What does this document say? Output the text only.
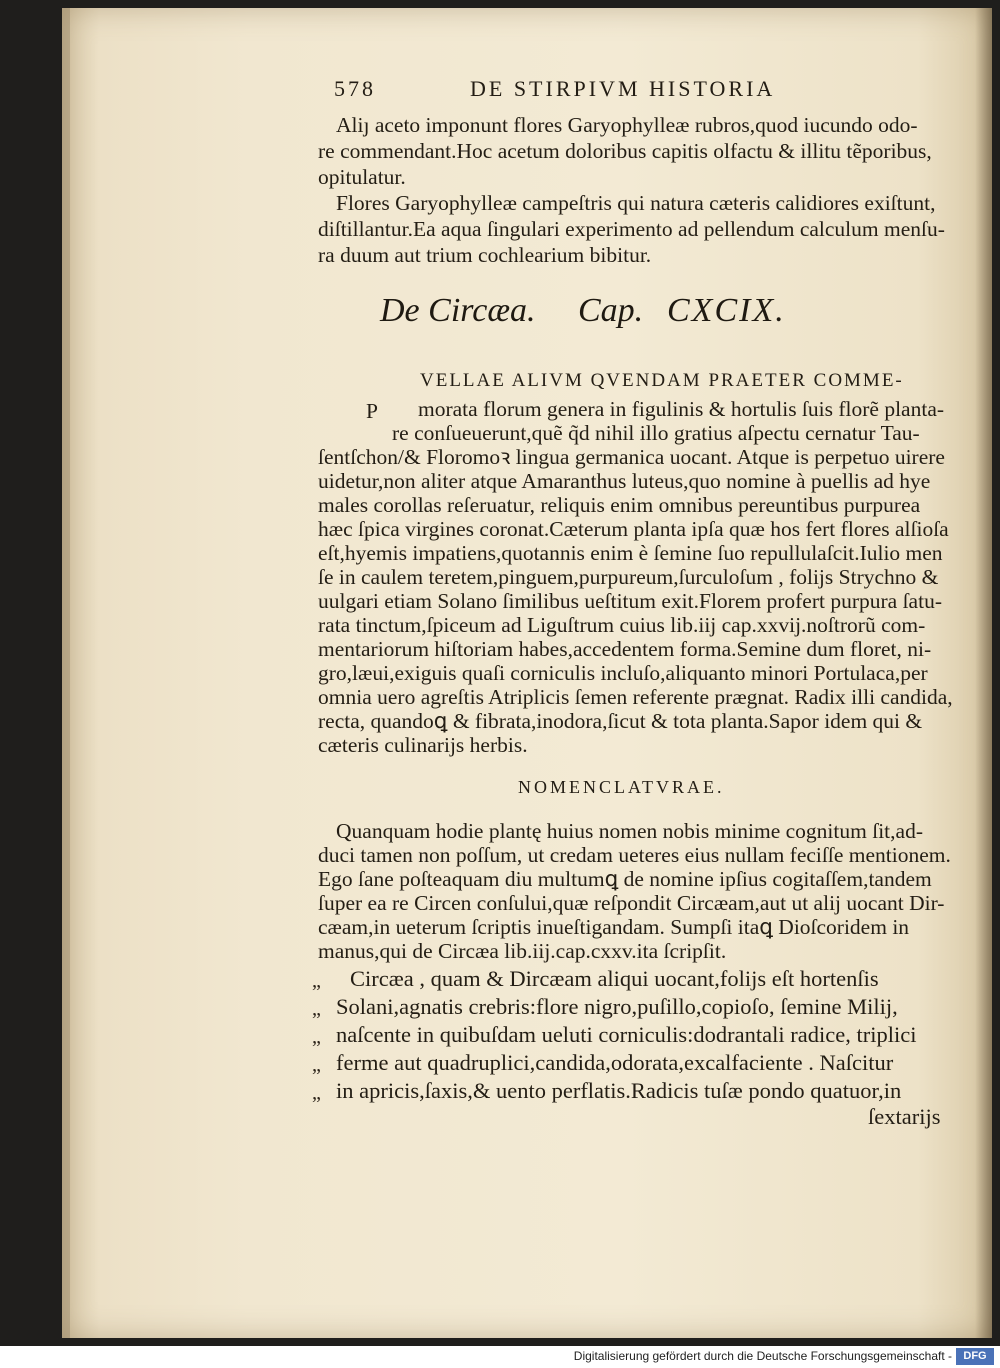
578	DE STIRPIVM HISTORIA
Aliȷ aceto imponunt flores Garyophylleæ rubros,quod iucundo odo-
re commendant.Hoc acetum doloribus capitis olfactu & illitu tẽporibus,
opitulatur.
Flores Garyophylleæ campeſtris qui natura cæteris calidiores exiſtunt,
diſtillantur.Ea aqua ſingulari experimento ad pellendum calculum menſu-
ra duum aut trium cochlearium bibitur.
De Circæa. Cap. CXCIX.
VELLAE ALIVM QVENDAM PRAETER COMME-
P morata florum genera in figulinis & hortulis ſuis florẽ planta-
re conſueuerunt,quẽ q̃d nihil illo gratius aſpectu cernatur Tau-
ſentſchon/& Floromoꝛ lingua germanica uocant. Atque is perpetuo uirere
uidetur,non aliter atque Amaranthus luteus,quo nomine à puellis ad hye
males corollas reſeruatur, reliquis enim omnibus pereuntibus purpurea
hæc ſpica virgines coronat.Cæterum planta ipſa quæ hos fert flores alſioſa
eſt,hyemis impatiens,quotannis enim è ſemine ſuo repullulaſcit.Iulio men
ſe in caulem teretem,pinguem,purpureum,ſurculoſum , folijs Strychno &
uulgari etiam Solano ſimilibus ueſtitum exit.Florem profert purpura ſatu-
rata tinctum,ſpiceum ad Liguſtrum cuius lib.iij cap.xxvij.noſtrorũ com-
mentariorum hiſtoriam habes,accedentem forma.Semine dum floret, ni-
gro,læui,exiguis quaſi corniculis incluſo,aliquanto minori Portulaca,per
omnia uero agreſtis Atriplicis ſemen referente prægnat. Radix illi candida,
recta, quandoꝗ & fibrata,inodora,ſicut & tota planta.Sapor idem qui &
cæteris culinarijs herbis.
NOMENCLATVRAE.
Quanquam hodie plantę huius nomen nobis minime cognitum ſit,ad-
duci tamen non poſſum, ut credam ueteres eius nullam feciſſe mentionem.
Ego ſane poſteaquam diu multumꝗ de nomine ipſius cogitaſſem,tandem
ſuper ea re Circen conſului,quæ reſpondit Circæam,aut ut alij uocant Dir-
cæam,in ueterum ſcriptis inueſtigandam. Sumpſi itaꝗ Dioſcoridem in
manus,qui de Circæa lib.iij.cap.cxxv.ita ſcripſit.
„ Circæa , quam & Dircæam aliqui uocant,folijs eſt hortenſis
„ Solani,agnatis crebris:flore nigro,puſillo,copioſo, ſemine Milij,
„ naſcente in quibuſdam ueluti corniculis:dodrantali radice, triplici
„ ferme aut quadruplici,candida,odorata,excalfaciente . Naſcitur
„ in apricis,ſaxis,& uento perflatis.Radicis tuſæ pondo quatuor,in
ſextarijs
Digitalisierung gefördert durch die Deutsche Forschungsgemeinschaft -	DFG
